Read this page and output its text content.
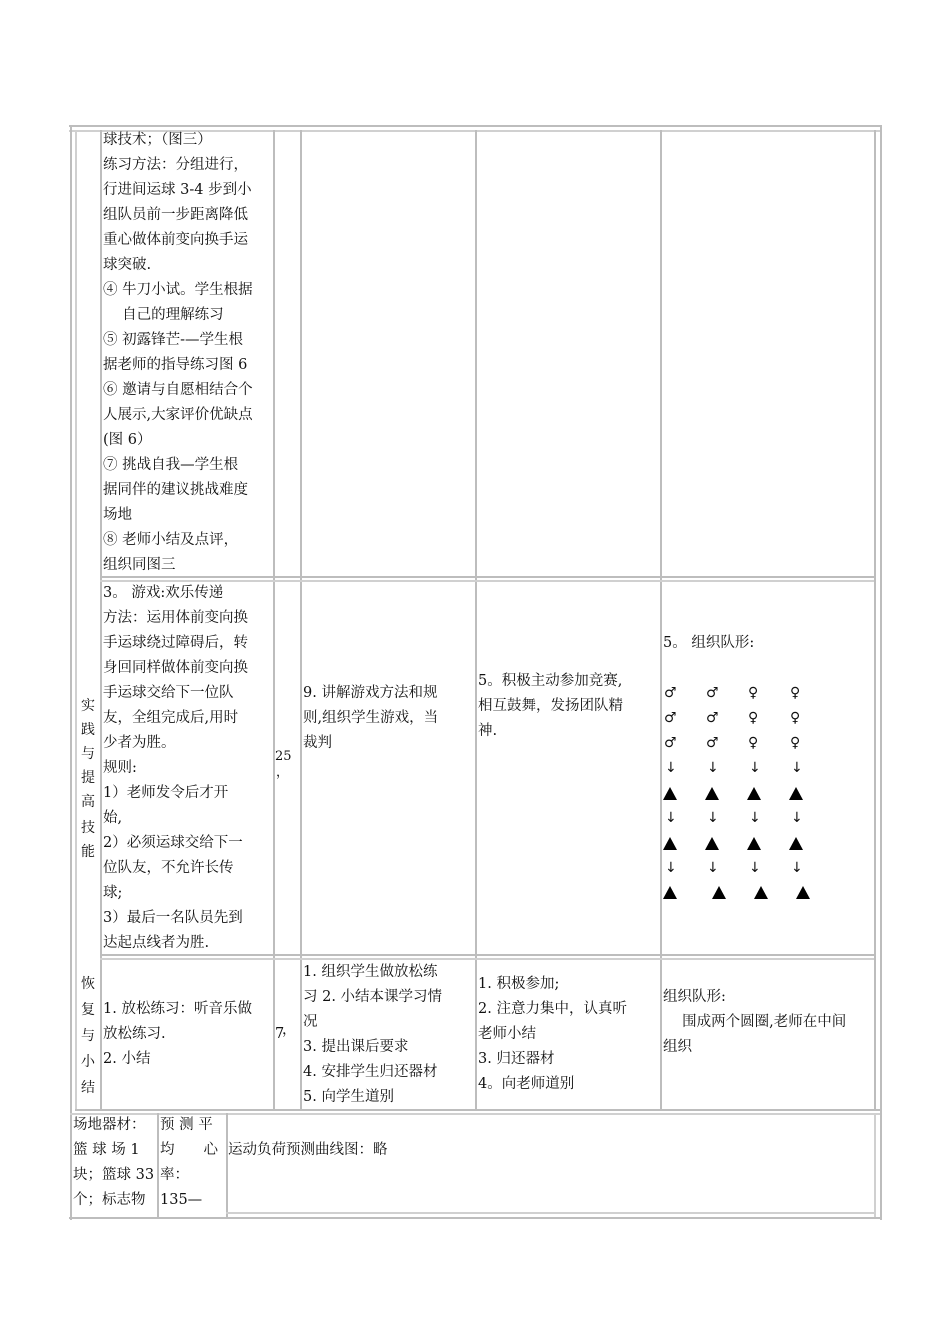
球技术；（图三）
练习方法：分组进行，
行进间运球 3-4 步到小
组队员前一步距离降低
重心做体前变向换手运
球突破.
④ 牛刀小试。学生根据
　 自己的理解练习
⑤ 初露锋芒-—学生根
据老师的指导练习图 6
⑥ 邀请与自愿相结合个
人展示,大家评价优缺点
(图 6）
⑦ 挑战自我—学生根
据同伴的建议挑战难度
场地
⑧ 老师小结及点评，
组织同图三
实
践
与
提
高
技能
3。 游戏:欢乐传递
方法：运用体前变向换
手运球绕过障碍后，转
身回同样做体前变向换
手运球交给下一位队
友，全组完成后,用时
少者为胜。
规则:
1）老师发令后才开
始,
2）必须运球交给下一
位队友，不允许长传
球;
3）最后一名队员先到
达起点线者为胜.
25
，
9. 讲解游戏方法和规
则,组织学生游戏，当
裁判
5。积极主动参加竞赛,
相互鼓舞，发扬团队精
神.
5。 组织队形:
♂ ♂ ♀ ♀
♂ ♂ ♀ ♀
♂ ♂ ♀ ♀
↓ ↓ ↓ ↓
↓ ↓ ↓ ↓
↓ ↓ ↓ ↓
恢
复
与
小
结
1. 放松练习：听音乐做
放松练习.
2. 小结
7
，
1. 组织学生做放松练
习 2. 小结本课学习情
况
3. 提出课后要求
4. 安排学生归还器材
5. 向学生道别
1. 积极参加;
2. 注意力集中，认真听
老师小结
3. 归还器材
4。向老师道别
组织队形:
　 围成两个圆圈,老师在中间
组织
场地器材：
篮 球 场 1
块；篮球 33
个；标志物
预 测 平
均　　心
率：
135—
运动负荷预测曲线图：略
